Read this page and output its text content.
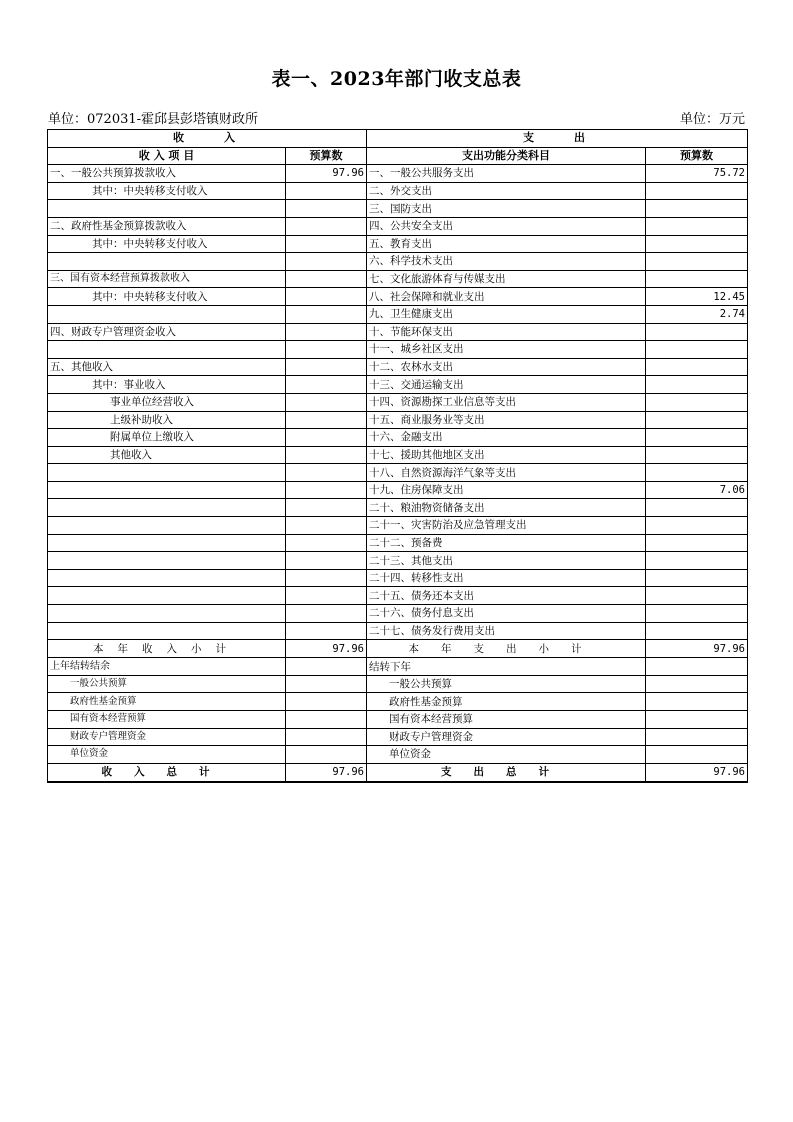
表一、2023年部门收支总表
单位：072031-霍邱县彭塔镇财政所	单位：万元
收　　入		支　　出	
收 入 项 目	预算数	支出功能分类科目	预算数
一、一般公共预算拨款收入	97.96	一、一般公共服务支出	75.72
其中：中央转移支付收入		二、外交支出	
		三、国防支出	
二、政府性基金预算拨款收入		四、公共安全支出	
其中：中央转移支付收入		五、教育支出	
		六、科学技术支出	
三、国有资本经营预算拨款收入		七、文化旅游体育与传媒支出	
其中：中央转移支付收入		八、社会保障和就业支出	12.45
		九、卫生健康支出	2.74
四、财政专户管理资金收入		十、节能环保支出	
		十一、城乡社区支出	
五、其他收入		十二、农林水支出	
其中：事业收入		十三、交通运输支出	
事业单位经营收入		十四、资源勘探工业信息等支出	
上级补助收入		十五、商业服务业等支出	
附属单位上缴收入		十六、金融支出	
其他收入		十七、援助其他地区支出	
		十八、自然资源海洋气象等支出	
		十九、住房保障支出	7.06
		二十、粮油物资储备支出	
		二十一、灾害防治及应急管理支出	
		二十二、预备费	
		二十三、其他支出	
		二十四、转移性支出	
		二十五、债务还本支出	
		二十六、债务付息支出	
		二十七、债务发行费用支出	
本年收入小计	97.96	本年支出小计	97.96
上年结转结余		结转下年	
一般公共预算		一般公共预算	
政府性基金预算		政府性基金预算	
国有资本经营预算		国有资本经营预算	
财政专户管理资金		财政专户管理资金	
单位资金		单位资金	
收入总计	97.96	支出总计	97.96
